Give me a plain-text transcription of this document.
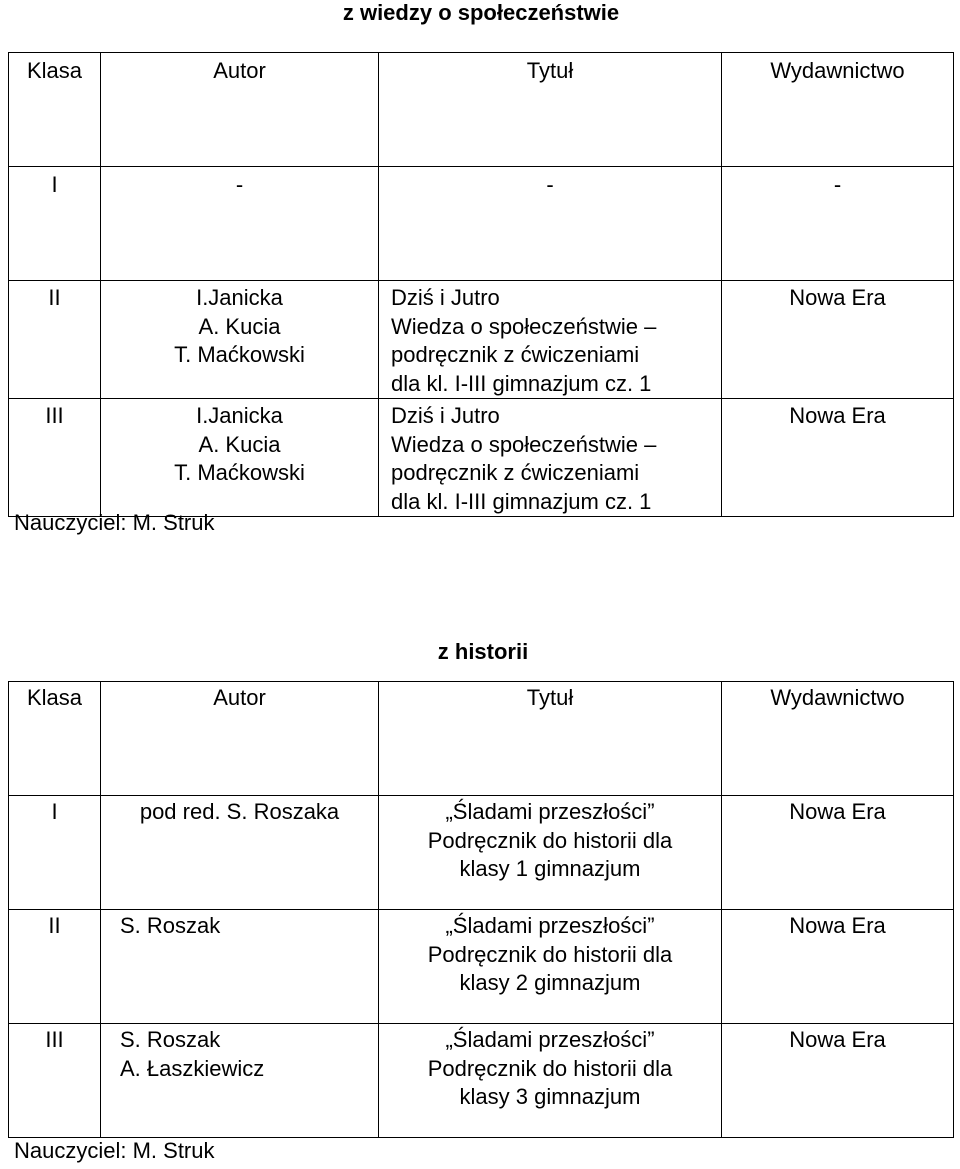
z wiedzy o społeczeństwie
Klasa	Autor	Tytuł	Wydawnictwo
I	-	-	-
II	I.Janicka
A. Kucia
T. Maćkowski	Dziś i Jutro
Wiedza o społeczeństwie –
podręcznik z ćwiczeniami
dla kl. I-III gimnazjum cz. 1	Nowa Era
III	I.Janicka
A. Kucia
T. Maćkowski	Dziś i Jutro
Wiedza o społeczeństwie –
podręcznik z ćwiczeniami
dla kl. I-III gimnazjum cz. 1	Nowa Era
Nauczyciel: M. Struk
z historii
Klasa	Autor	Tytuł	Wydawnictwo
I	pod red. S. Roszaka	„Śladami przeszłości”
Podręcznik do historii dla
klasy 1 gimnazjum	Nowa Era
II	S. Roszak	„Śladami przeszłości”
Podręcznik do historii dla
klasy 2 gimnazjum	Nowa Era
III	S. Roszak
A. Łaszkiewicz	„Śladami przeszłości”
Podręcznik do historii dla
klasy 3 gimnazjum	Nowa Era
Nauczyciel: M. Struk
